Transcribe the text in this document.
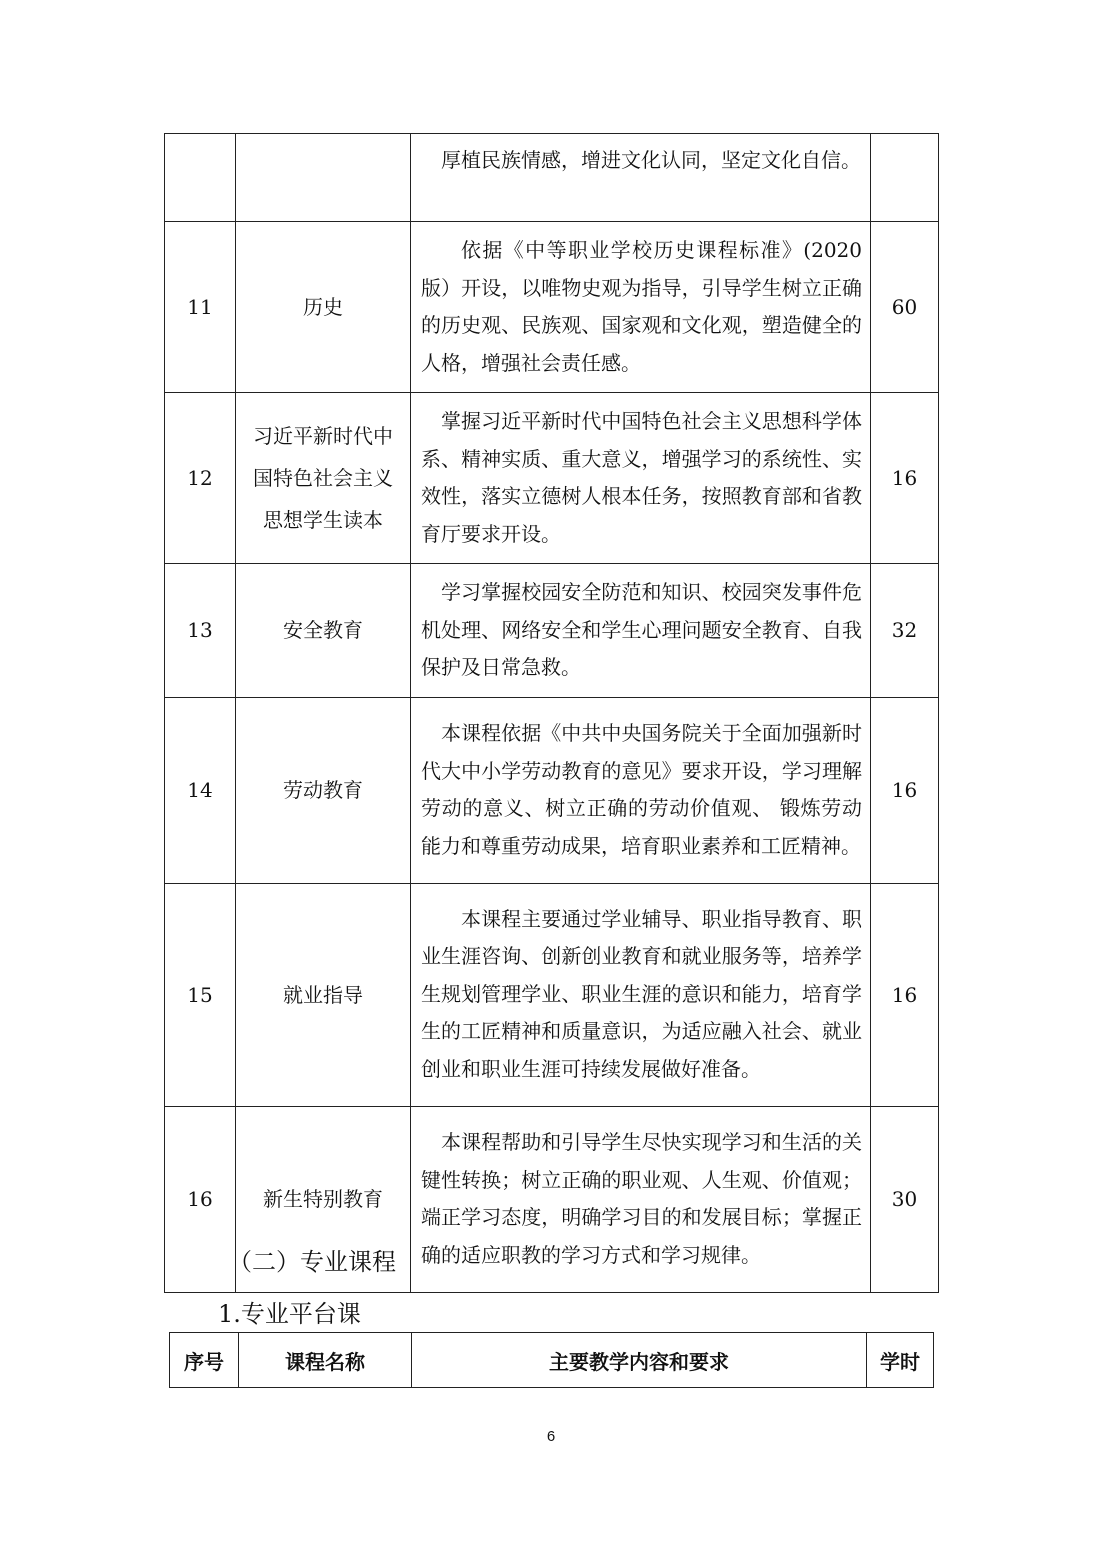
		厚植民族情感，增进文化认同，坚定文化自信。	

11	历史	依据《中等职业学校历史课程标准》(2020版）开设，以唯物史观为指导，引导学生树立正确的历史观、民族观、国家观和文化观，塑造健全的人格，增强社会责任感。	60
12	习近平新时代中国特色社会主义思想学生读本	掌握习近平新时代中国特色社会主义思想科学体系、精神实质、重大意义，增强学习的系统性、实效性，落实立德树人根本任务，按照教育部和省教育厅要求开设。	16
13	安全教育	学习掌握校园安全防范和知识、校园突发事件危机处理、网络安全和学生心理问题安全教育、自我保护及日常急救。	32
14	劳动教育	本课程依据《中共中央国务院关于全面加强新时代大中小学劳动教育的意见》要求开设，学习理解劳动的意义、树立正确的劳动价值观、 锻炼劳动能力和尊重劳动成果，培育职业素养和工匠精神。	16
15	就业指导	本课程主要通过学业辅导、职业指导教育、职业生涯咨询、创新创业教育和就业服务等，培养学生规划管理学业、职业生涯的意识和能力，培育学生的工匠精神和质量意识，为适应融入社会、就业创业和职业生涯可持续发展做好准备。	16
16	新生特别教育	本课程帮助和引导学生尽快实现学习和生活的关键性转换；树立正确的职业观、人生观、价值观；端正学习态度，明确学习目的和发展目标；掌握正确的适应职教的学习方式和学习规律。	30
（二）专业课程
1.专业平台课
序号	课程名称	主要教学内容和要求	学时
6
